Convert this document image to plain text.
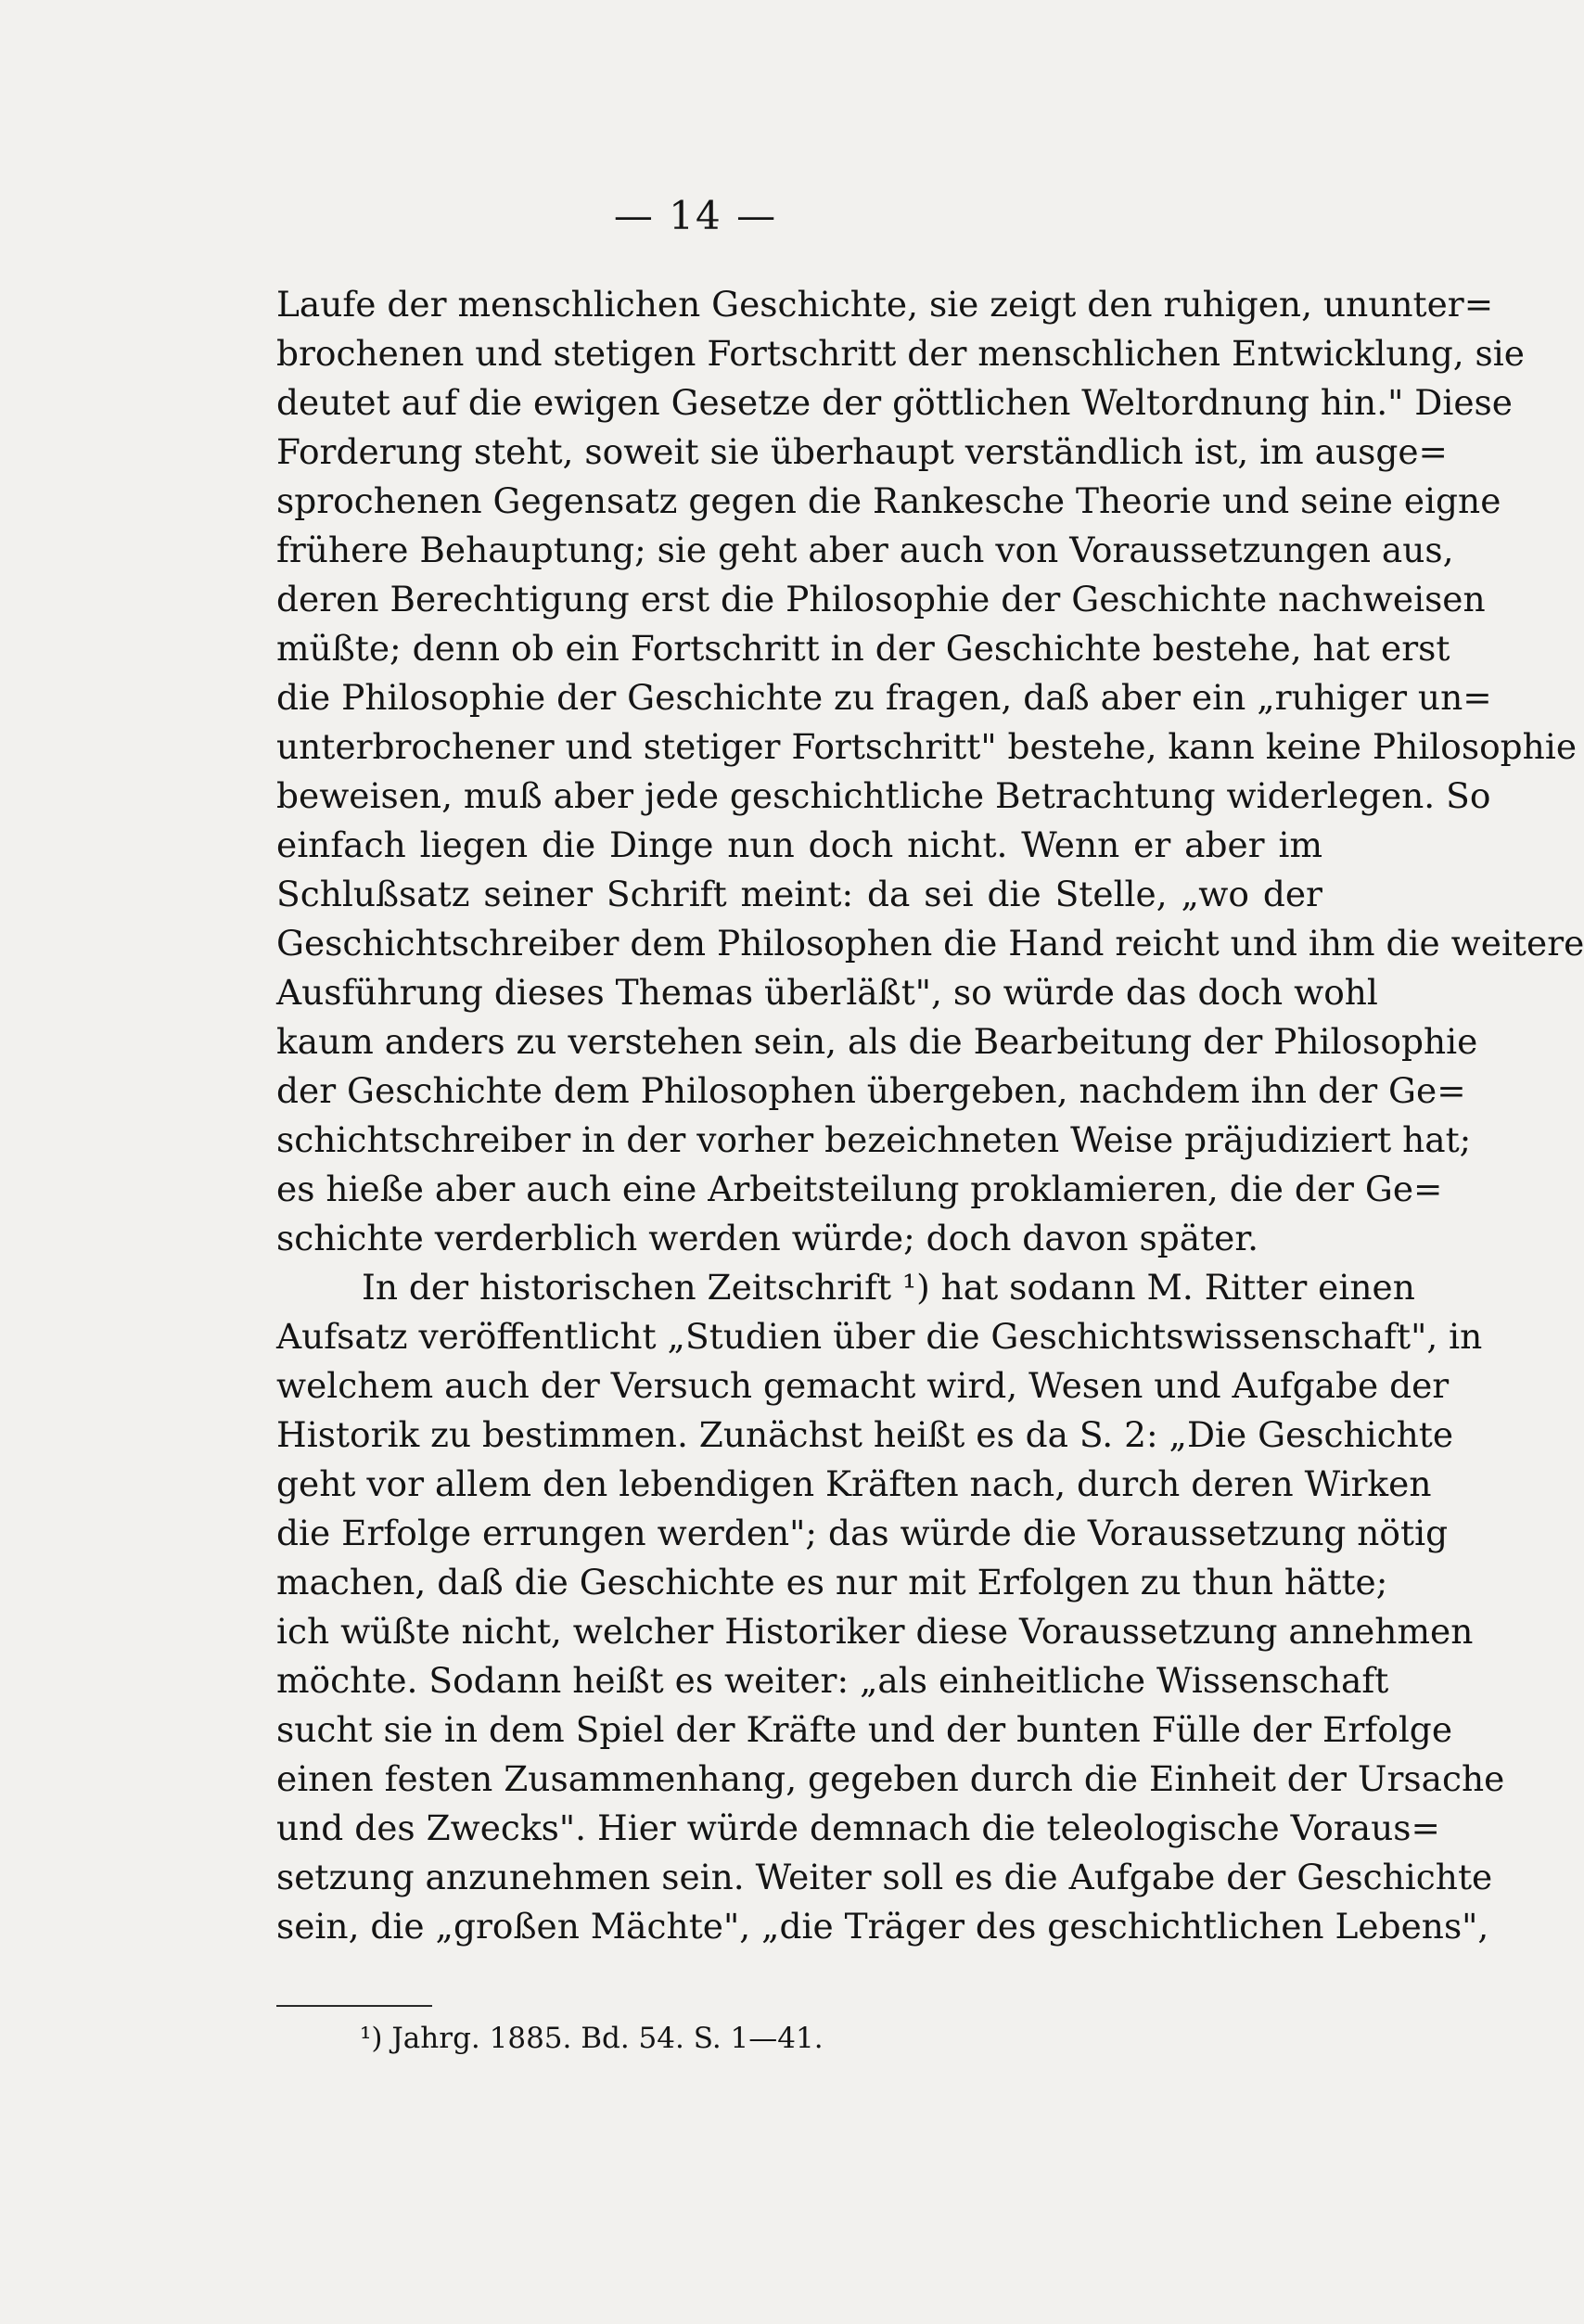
— 14 —
Laufe der menschlichen Geschichte, sie zeigt den ruhigen, ununter=
brochenen und stetigen Fortschritt der menschlichen Entwicklung, sie
deutet auf die ewigen Gesetze der göttlichen Weltordnung hin." Diese
Forderung steht, soweit sie überhaupt verständlich ist, im ausge=
sprochenen Gegensatz gegen die Rankesche Theorie und seine eigne
frühere Behauptung; sie geht aber auch von Voraussetzungen aus,
deren Berechtigung erst die Philosophie der Geschichte nachweisen
müßte; denn ob ein Fortschritt in der Geschichte bestehe, hat erst
die Philosophie der Geschichte zu fragen, daß aber ein „ruhiger un=
unterbrochener und stetiger Fortschritt" bestehe, kann keine Philosophie
beweisen, muß aber jede geschichtliche Betrachtung widerlegen. So
einfach liegen die Dinge nun doch nicht. Wenn er aber im
Schlußsatz seiner Schrift meint: da sei die Stelle, „wo der
Geschichtschreiber dem Philosophen die Hand reicht und ihm die weitere
Ausführung dieses Themas überläßt", so würde das doch wohl
kaum anders zu verstehen sein, als die Bearbeitung der Philosophie
der Geschichte dem Philosophen übergeben, nachdem ihn der Ge=
schichtschreiber in der vorher bezeichneten Weise präjudiziert hat;
es hieße aber auch eine Arbeitsteilung proklamieren, die der Ge=
schichte verderblich werden würde; doch davon später.
In der historischen Zeitschrift ¹) hat sodann M. Ritter einen
Aufsatz veröffentlicht „Studien über die Geschichtswissenschaft", in
welchem auch der Versuch gemacht wird, Wesen und Aufgabe der
Historik zu bestimmen. Zunächst heißt es da S. 2: „Die Geschichte
geht vor allem den lebendigen Kräften nach, durch deren Wirken
die Erfolge errungen werden"; das würde die Voraussetzung nötig
machen, daß die Geschichte es nur mit Erfolgen zu thun hätte;
ich wüßte nicht, welcher Historiker diese Voraussetzung annehmen
möchte. Sodann heißt es weiter: „als einheitliche Wissenschaft
sucht sie in dem Spiel der Kräfte und der bunten Fülle der Erfolge
einen festen Zusammenhang, gegeben durch die Einheit der Ursache
und des Zwecks". Hier würde demnach die teleologische Voraus=
setzung anzunehmen sein. Weiter soll es die Aufgabe der Geschichte
sein, die „großen Mächte", „die Träger des geschichtlichen Lebens",
¹) Jahrg. 1885. Bd. 54. S. 1—41.
